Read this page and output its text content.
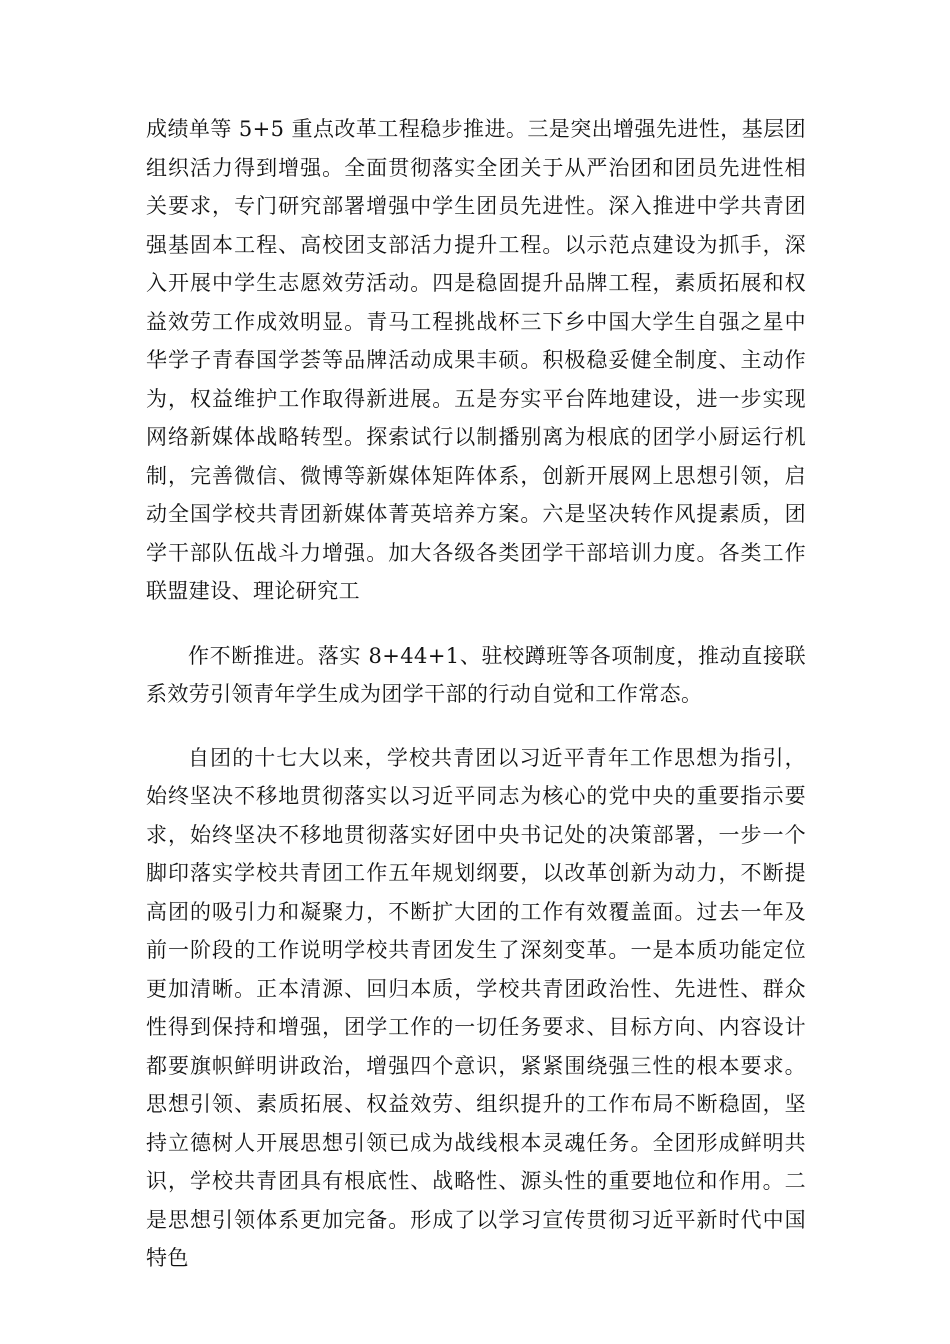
成绩单等 5+5 重点改革工程稳步推进。三是突出增强先进性，基层团组织活力得到增强。全面贯彻落实全团关于从严治团和团员先进性相关要求，专门研究部署增强中学生团员先进性。深入推进中学共青团强基固本工程、高校团支部活力提升工程。以示范点建设为抓手，深入开展中学生志愿效劳活动。四是稳固提升品牌工程，素质拓展和权益效劳工作成效明显。青马工程挑战杯三下乡中国大学生自强之星中华学子青春国学荟等品牌活动成果丰硕。积极稳妥健全制度、主动作为，权益维护工作取得新进展。五是夯实平台阵地建设，进一步实现网络新媒体战略转型。探索试行以制播别离为根底的团学小厨运行机制，完善微信、微博等新媒体矩阵体系，创新开展网上思想引领，启动全国学校共青团新媒体菁英培养方案。六是坚决转作风提素质，团学干部队伍战斗力增强。加大各级各类团学干部培训力度。各类工作联盟建设、理论研究工

作不断推进。落实 8+44+1、驻校蹲班等各项制度，推动直接联系效劳引领青年学生成为团学干部的行动自觉和工作常态。

自团的十七大以来，学校共青团以习近平青年工作思想为指引，始终坚决不移地贯彻落实以习近平同志为核心的党中央的重要指示要求，始终坚决不移地贯彻落实好团中央书记处的决策部署，一步一个脚印落实学校共青团工作五年规划纲要，以改革创新为动力，不断提高团的吸引力和凝聚力，不断扩大团的工作有效覆盖面。过去一年及前一阶段的工作说明学校共青团发生了深刻变革。一是本质功能定位更加清晰。正本清源、回归本质，学校共青团政治性、先进性、群众性得到保持和增强，团学工作的一切任务要求、目标方向、内容设计都要旗帜鲜明讲政治，增强四个意识，紧紧围绕强三性的根本要求。思想引领、素质拓展、权益效劳、组织提升的工作布局不断稳固，坚持立德树人开展思想引领已成为战线根本灵魂任务。全团形成鲜明共识，学校共青团具有根底性、战略性、源头性的重要地位和作用。二是思想引领体系更加完备。形成了以学习宣传贯彻习近平新时代中国特色
